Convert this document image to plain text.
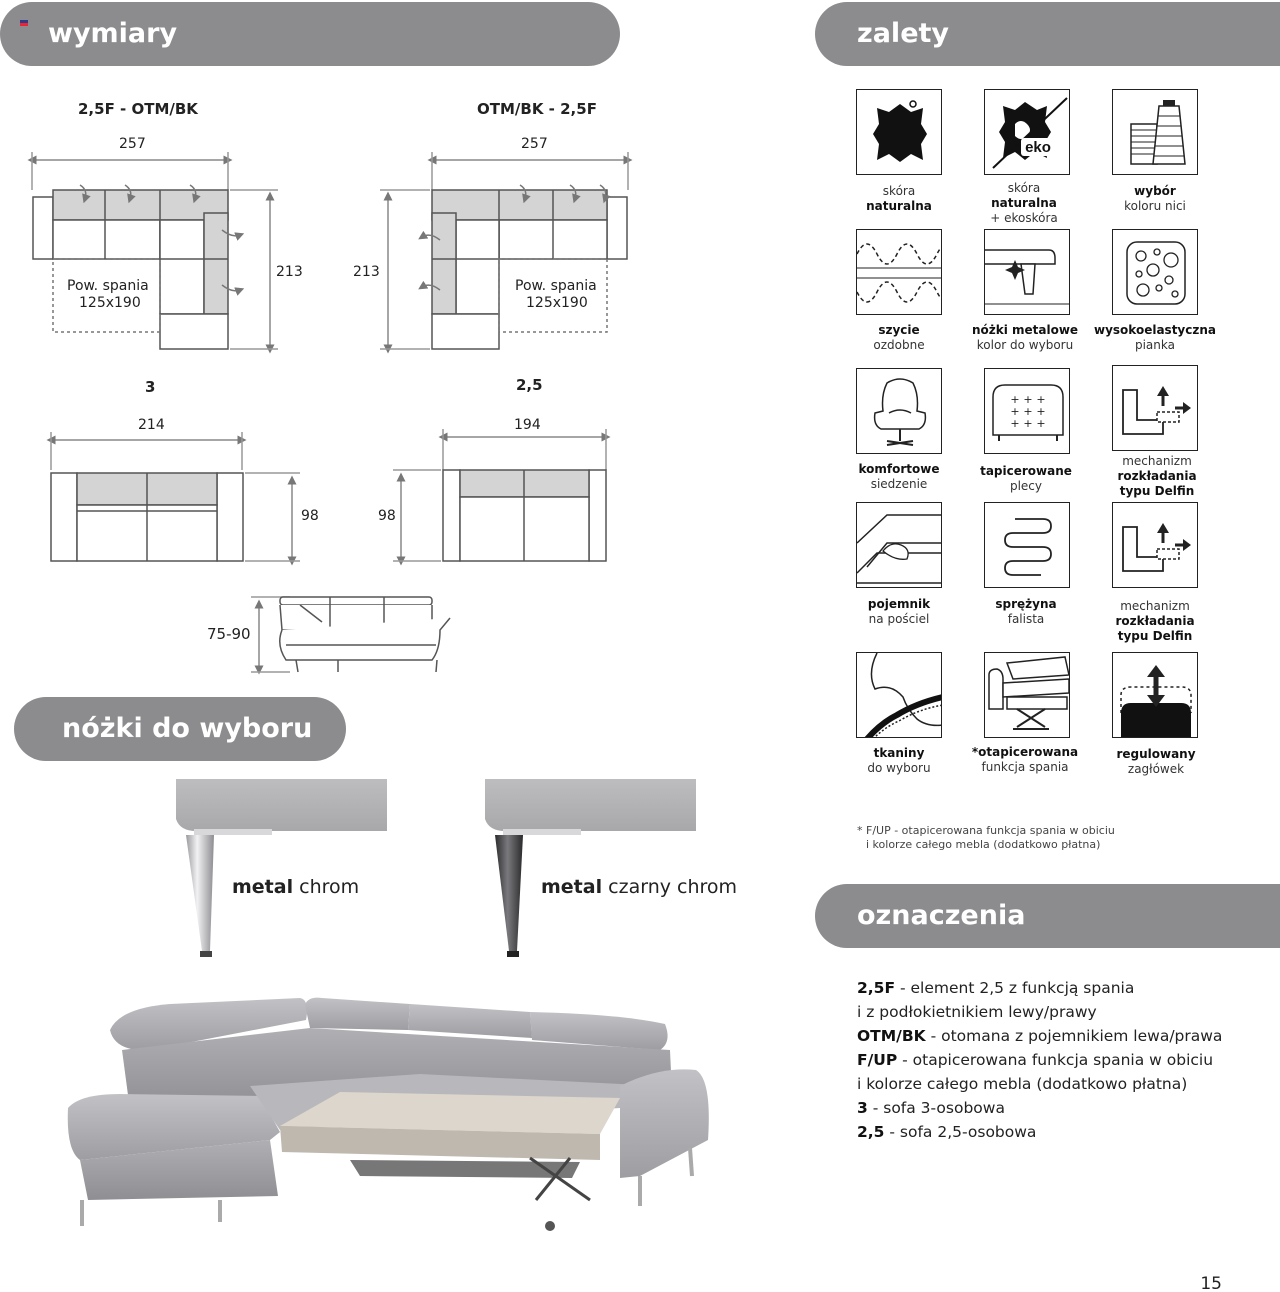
wymiary	zalety
nóżki do wyboru
oznaczenia
2,5F - OTM/BK
257
213
Pow. spania
125x190
OTM/BK - 2,5F
257
213
Pow. spania
125x190
3
214
98
2,5
194
98
75-90
eko
skóra
naturalna
skóra
naturalna
+ ekoskóra
wybór
koloru nici
szycie
ozdobne
nóżki metalowe
kolor do wyboru
wysokoelastyczna
pianka
+ + +
+ + +
+ + +
komfortowe
siedzenie
tapicerowane
plecy
mechanizm
rozkładania
typu Delfin
pojemnik
na pościel
sprężyna
falista
mechanizm
rozkładania
typu Delfin
tkaniny
do wyboru
*otapicerowana
funkcja spania
regulowany
zagłówek
* F/UP - otapicerowana funkcja spania w obiciu
i kolorze całego mebla (dodatkowo płatna)
metal chrom	metal czarny chrom
2,5F - element 2,5 z funkcją spania
i z podłokietnikiem lewy/prawy
OTM/BK - otomana z pojemnikiem lewa/prawa
F/UP - otapicerowana funkcja spania w obiciu
i kolorze całego mebla (dodatkowo płatna)
3 - sofa 3-osobowa
2,5 - sofa 2,5-osobowa
15
